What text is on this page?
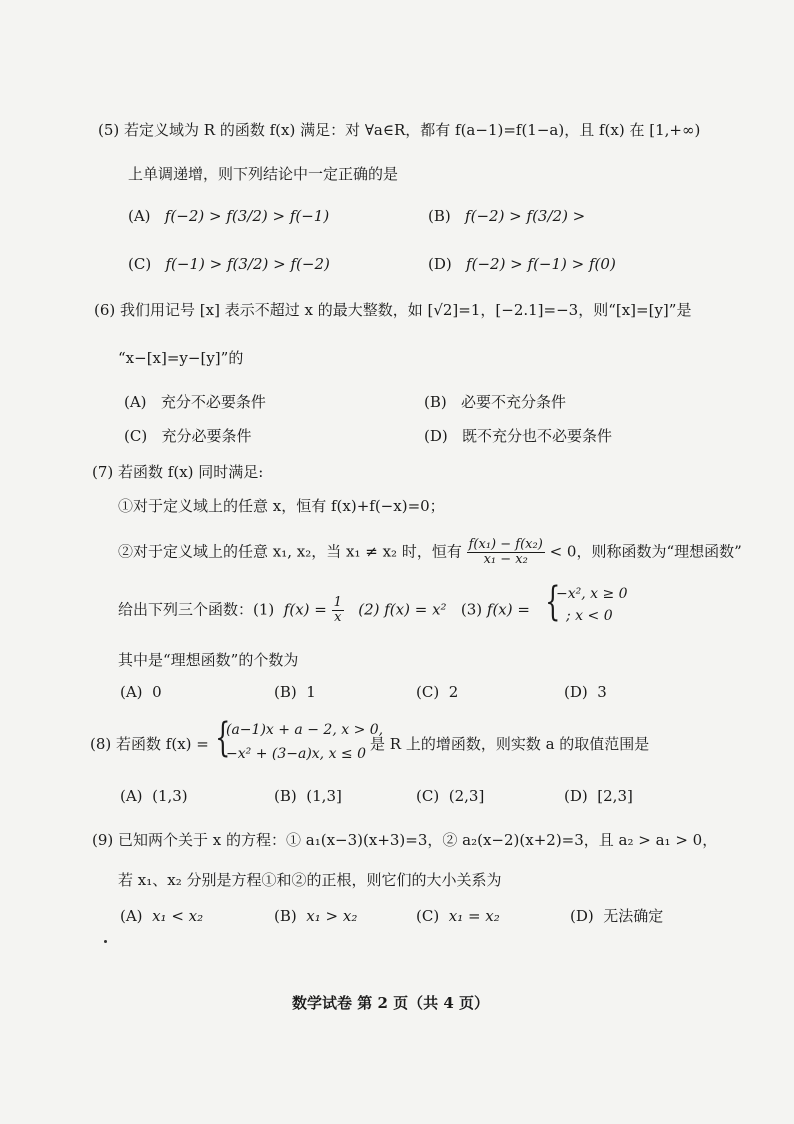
(5) 若定义域为 R 的函数 f(x) 满足：对 ∀a∈R，都有 f(a−1)=f(1−a)，且 f(x) 在 [1,+∞)
上单调递增，则下列结论中一定正确的是
(A) f(−2) > f(3/2) > f(−1)	(B) f(−2) > f(3/2) >
(C) f(−1) > f(3/2) > f(−2)	(D) f(−2) > f(−1) > f(0)
(6) 我们用记号 [x] 表示不超过 x 的最大整数，如 [√2]=1，[−2.1]=−3，则“[x]=[y]”是
“x−[x]=y−[y]”的
(A) 充分不必要条件	(B) 必要不充分条件
(C) 充分必要条件	(D) 既不充分也不必要条件
(7) 若函数 f(x) 同时满足:
①对于定义域上的任意 x，恒有 f(x)+f(−x)=0；
②对于定义域上的任意 x₁, x₂，当 x₁ ≠ x₂ 时，恒有 $\frac{\text{f(x₁) − f(x₂)}}{\text{x₁ − x₂}} < 0$，则称函数为“理想函数”
给出下列三个函数：(1) $f(x) = \frac{1}{x} (2) f(x) = x^2$ (3) f(x) = {
−x², x ≥ 0
; x < 0
其中是“理想函数”的个数为
(A) 0	(B) 1	(C) 2	(D) 3
(8) 若函数 f(x) = {
(a−1)x + a − 2, x > 0,
−x² + (3−a)x, x ≤ 0
是 R 上的增函数，则实数 a 的取值范围是
(A) (1,3)	(B) (1,3]	(C) (2,3]	(D) [2,3]
(9) 已知两个关于 x 的方程：① a₁(x−3)(x+3)=3，② a₂(x−2)(x+2)=3，且 a₂ > a₁ > 0，
若 x₁、x₂ 分别是方程①和②的正根，则它们的大小关系为
(A) x₁ < x₂	(B) x₁ > x₂	(C) x₁ = x₂	(D) 无法确定
数学试卷 第 2 页（共 4 页）
